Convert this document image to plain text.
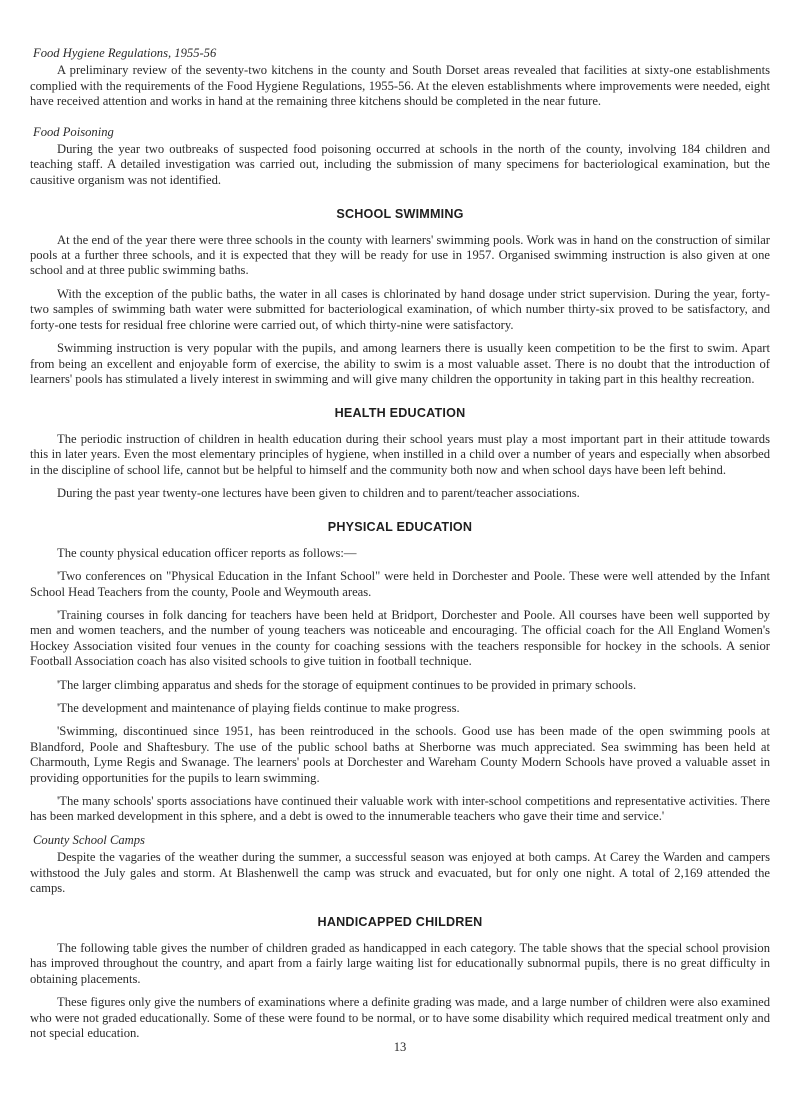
Food Hygiene Regulations, 1955-56

A preliminary review of the seventy-two kitchens in the county and South Dorset areas revealed that facilities at sixty-one establishments complied with the requirements of the Food Hygiene Regulations, 1955-56. At the eleven establishments where improvements were needed, eight have received attention and works in hand at the remaining three kitchens should be completed in the near future.

Food Poisoning

During the year two outbreaks of suspected food poisoning occurred at schools in the north of the county, involving 184 children and teaching staff. A detailed investigation was carried out, including the submission of many specimens for bacteriological examination, but the causitive organism was not identified.

SCHOOL SWIMMING

At the end of the year there were three schools in the county with learners' swimming pools. Work was in hand on the construction of similar pools at a further three schools, and it is expected that they will be ready for use in 1957. Organised swimming instruction is also given at one school and at three public swimming baths.

With the exception of the public baths, the water in all cases is chlorinated by hand dosage under strict supervision. During the year, forty-two samples of swimming bath water were submitted for bacteriological examination, of which number thirty-six proved to be satisfactory, and forty-one tests for residual free chlorine were carried out, of which thirty-nine were satisfactory.

Swimming instruction is very popular with the pupils, and among learners there is usually keen competition to be the first to swim. Apart from being an excellent and enjoyable form of exercise, the ability to swim is a most valuable asset. There is no doubt that the introduction of learners' pools has stimulated a lively interest in swimming and will give many children the opportunity in taking part in this healthy recreation.

HEALTH EDUCATION

The periodic instruction of children in health education during their school years must play a most important part in their attitude towards this in later years. Even the most elementary principles of hygiene, when instilled in a child over a number of years and especially when absorbed in the discipline of school life, cannot but be helpful to himself and the community both now and when school days have been left behind.

During the past year twenty-one lectures have been given to children and to parent/teacher associations.

PHYSICAL EDUCATION

The county physical education officer reports as follows:—

'Two conferences on "Physical Education in the Infant School" were held in Dorchester and Poole. These were well attended by the Infant School Head Teachers from the county, Poole and Weymouth areas.

'Training courses in folk dancing for teachers have been held at Bridport, Dorchester and Poole. All courses have been well supported by men and women teachers, and the number of young teachers was noticeable and encouraging. The official coach for the All England Women's Hockey Association visited four venues in the county for coaching sessions with the teachers responsible for hockey in the schools. A senior Football Association coach has also visited schools to give tuition in football technique.

'The larger climbing apparatus and sheds for the storage of equipment continues to be provided in primary schools.

'The development and maintenance of playing fields continue to make progress.

'Swimming, discontinued since 1951, has been reintroduced in the schools. Good use has been made of the open swimming pools at Blandford, Poole and Shaftesbury. The use of the public school baths at Sherborne was much appreciated. Sea swimming has been held at Charmouth, Lyme Regis and Swanage. The learners' pools at Dorchester and Wareham County Modern Schools have proved a valuable asset in providing opportunities for the pupils to learn swimming.

'The many schools' sports associations have continued their valuable work with inter-school competitions and representative activities. There has been marked development in this sphere, and a debt is owed to the innumerable teachers who gave their time and service.'

County School Camps

Despite the vagaries of the weather during the summer, a successful season was enjoyed at both camps. At Carey the Warden and campers withstood the July gales and storm. At Blashenwell the camp was struck and evacuated, but for only one night. A total of 2,169 attended the camps.

HANDICAPPED CHILDREN

The following table gives the number of children graded as handicapped in each category. The table shows that the special school provision has improved throughout the country, and apart from a fairly large waiting list for educationally subnormal pupils, there is no great difficulty in obtaining placements.

These figures only give the numbers of examinations where a definite grading was made, and a large number of children were also examined who were not graded educationally. Some of these were found to be normal, or to have some disability which required medical treatment only and not special education.

13
